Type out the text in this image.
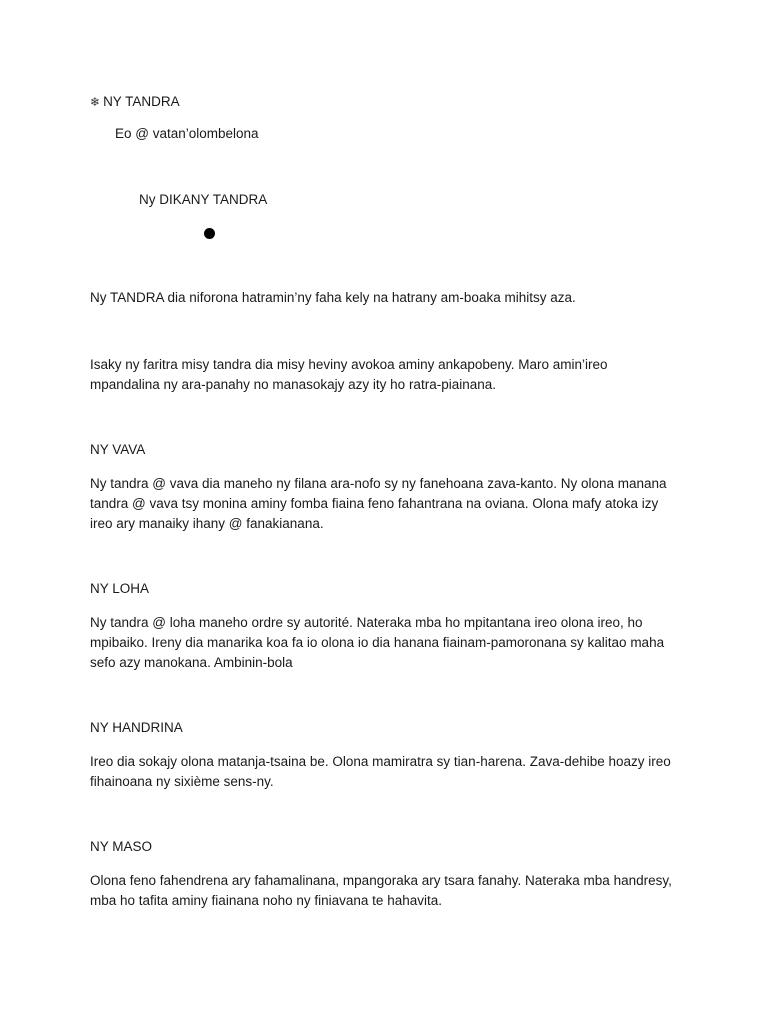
❄ NY TANDRA
Eo @ vatan’olombelona
Ny DIKANY TANDRA
Ny TANDRA dia niforona hatramin’ny faha kely na hatrany am-boaka mihitsy aza.
Isaky ny faritra misy tandra dia misy heviny avokoa aminy ankapobeny. Maro amin’ireo
mpandalina ny ara-panahy no manasokajy azy ity ho ratra-piainana.
NY VAVA
Ny tandra @ vava dia maneho ny filana ara-nofo sy ny fanehoana zava-kanto. Ny olona manana
tandra @ vava tsy monina aminy fomba fiaina feno fahantrana na oviana. Olona mafy atoka izy
ireo ary manaiky ihany @ fanakianana.
NY LOHA
Ny tandra @ loha maneho ordre sy autorité. Nateraka mba ho mpitantana ireo olona ireo, ho
mpibaiko. Ireny dia manarika koa fa io olona io dia hanana fiainam-pamoronana sy kalitao maha
sefo azy manokana. Ambinin-bola
NY HANDRINA
Ireo dia sokajy olona matanja-tsaina be. Olona mamiratra sy tian-harena. Zava-dehibe hoazy ireo
fihainoana ny sixième sens-ny.
NY MASO
Olona feno fahendrena ary fahamalinana, mpangoraka ary tsara fanahy. Nateraka mba handresy,
mba ho tafita aminy fiainana noho ny finiavana te hahavita.
